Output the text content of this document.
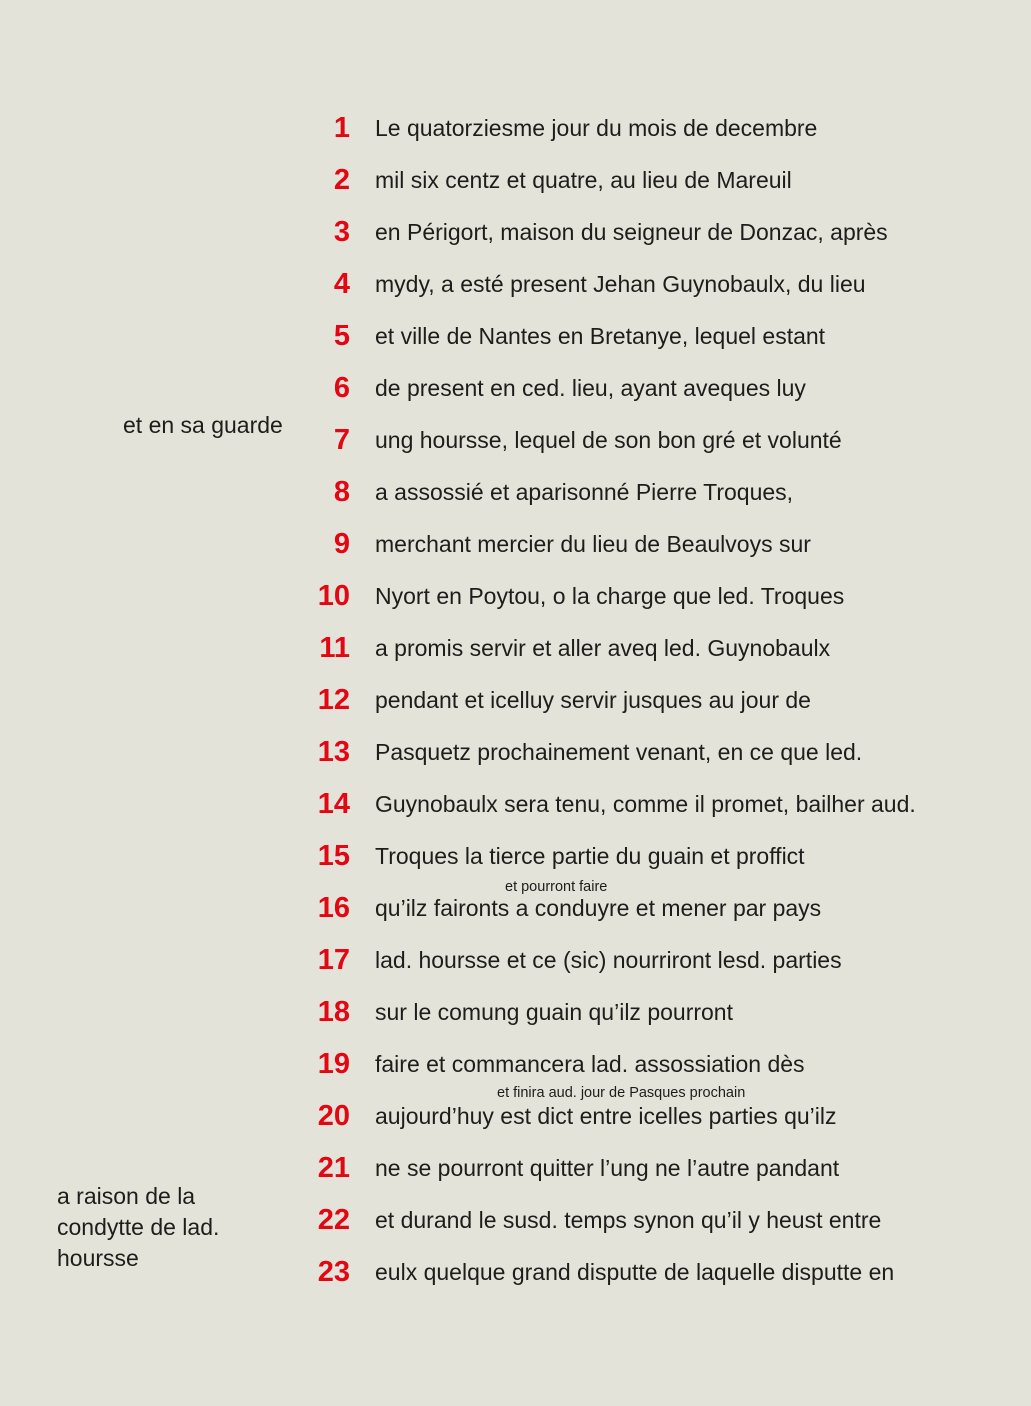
1 Le quatorziesme jour du mois de decembre
2 mil six centz et quatre, au lieu de Mareuil
3 en Périgort, maison du seigneur de Donzac, après
4 mydy, a esté present Jehan Guynobaulx, du lieu
5 et ville de Nantes en Bretanye, lequel estant
6 de present en ced. lieu, ayant aveques luy
7 ung hoursse, lequel de son bon gré et volunté
8 a assossié et aparisonné Pierre Troques,
9 merchant mercier du lieu de Beaulvoys sur
10 Nyort en Poytou, o la charge que led. Troques
11 a promis servir et aller aveq led. Guynobaulx
12 pendant et icelluy servir jusques au jour de
13 Pasquetz prochainement venant, en ce que led.
14 Guynobaulx sera tenu, comme il promet, bailher aud.
15 Troques la tierce partie du guain et proffict
16 qu’ilz faironts a conduyre et mener par pays
17 lad. hoursse et ce (sic) nourriront lesd. parties
18 sur le comung guain qu’ilz pourront
19 faire et commancera lad. assossiation dès
20 aujourd’huy est dict entre icelles parties qu’ilz
21 ne se pourront quitter l’ung ne l’autre pandant
22 et durand le susd. temps synon qu’il y heust entre
23 eulx quelque grand disputte de laquelle disputte en
et pourront faire
et finira aud. jour de Pasques prochain
et en sa guarde
a raison de la
condytte de lad.
hoursse
